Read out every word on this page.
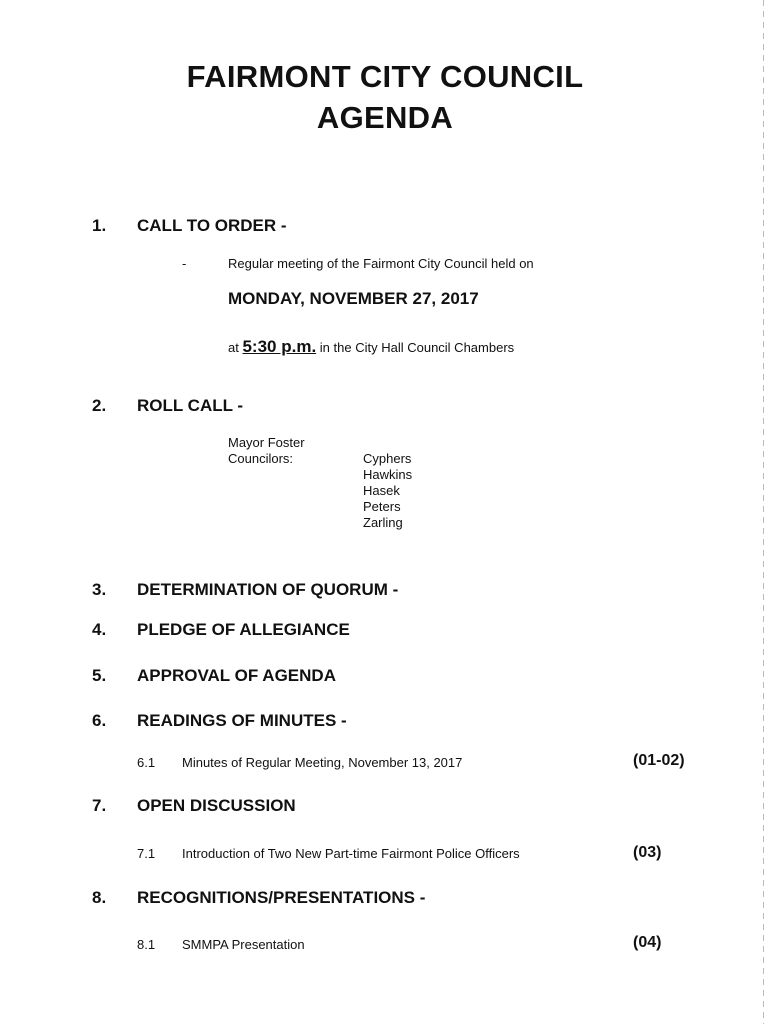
FAIRMONT CITY COUNCIL
AGENDA
1. CALL TO ORDER -
-	Regular meeting of the Fairmont City Council held on
MONDAY, NOVEMBER 27, 2017
at 5:30 p.m. in the City Hall Council Chambers
2. ROLL CALL -
Mayor Foster
Councilors:	Cyphers
Hawkins
Hasek
Peters
Zarling
3. DETERMINATION OF QUORUM -
4. PLEDGE OF ALLEGIANCE
5. APPROVAL OF AGENDA
6. READINGS OF MINUTES -
6.1 Minutes of Regular Meeting, November 13, 2017	(01-02)
7. OPEN DISCUSSION
7.1 Introduction of Two New Part-time Fairmont Police Officers	(03)
8. RECOGNITIONS/PRESENTATIONS -
8.1 SMMPA Presentation	(04)
